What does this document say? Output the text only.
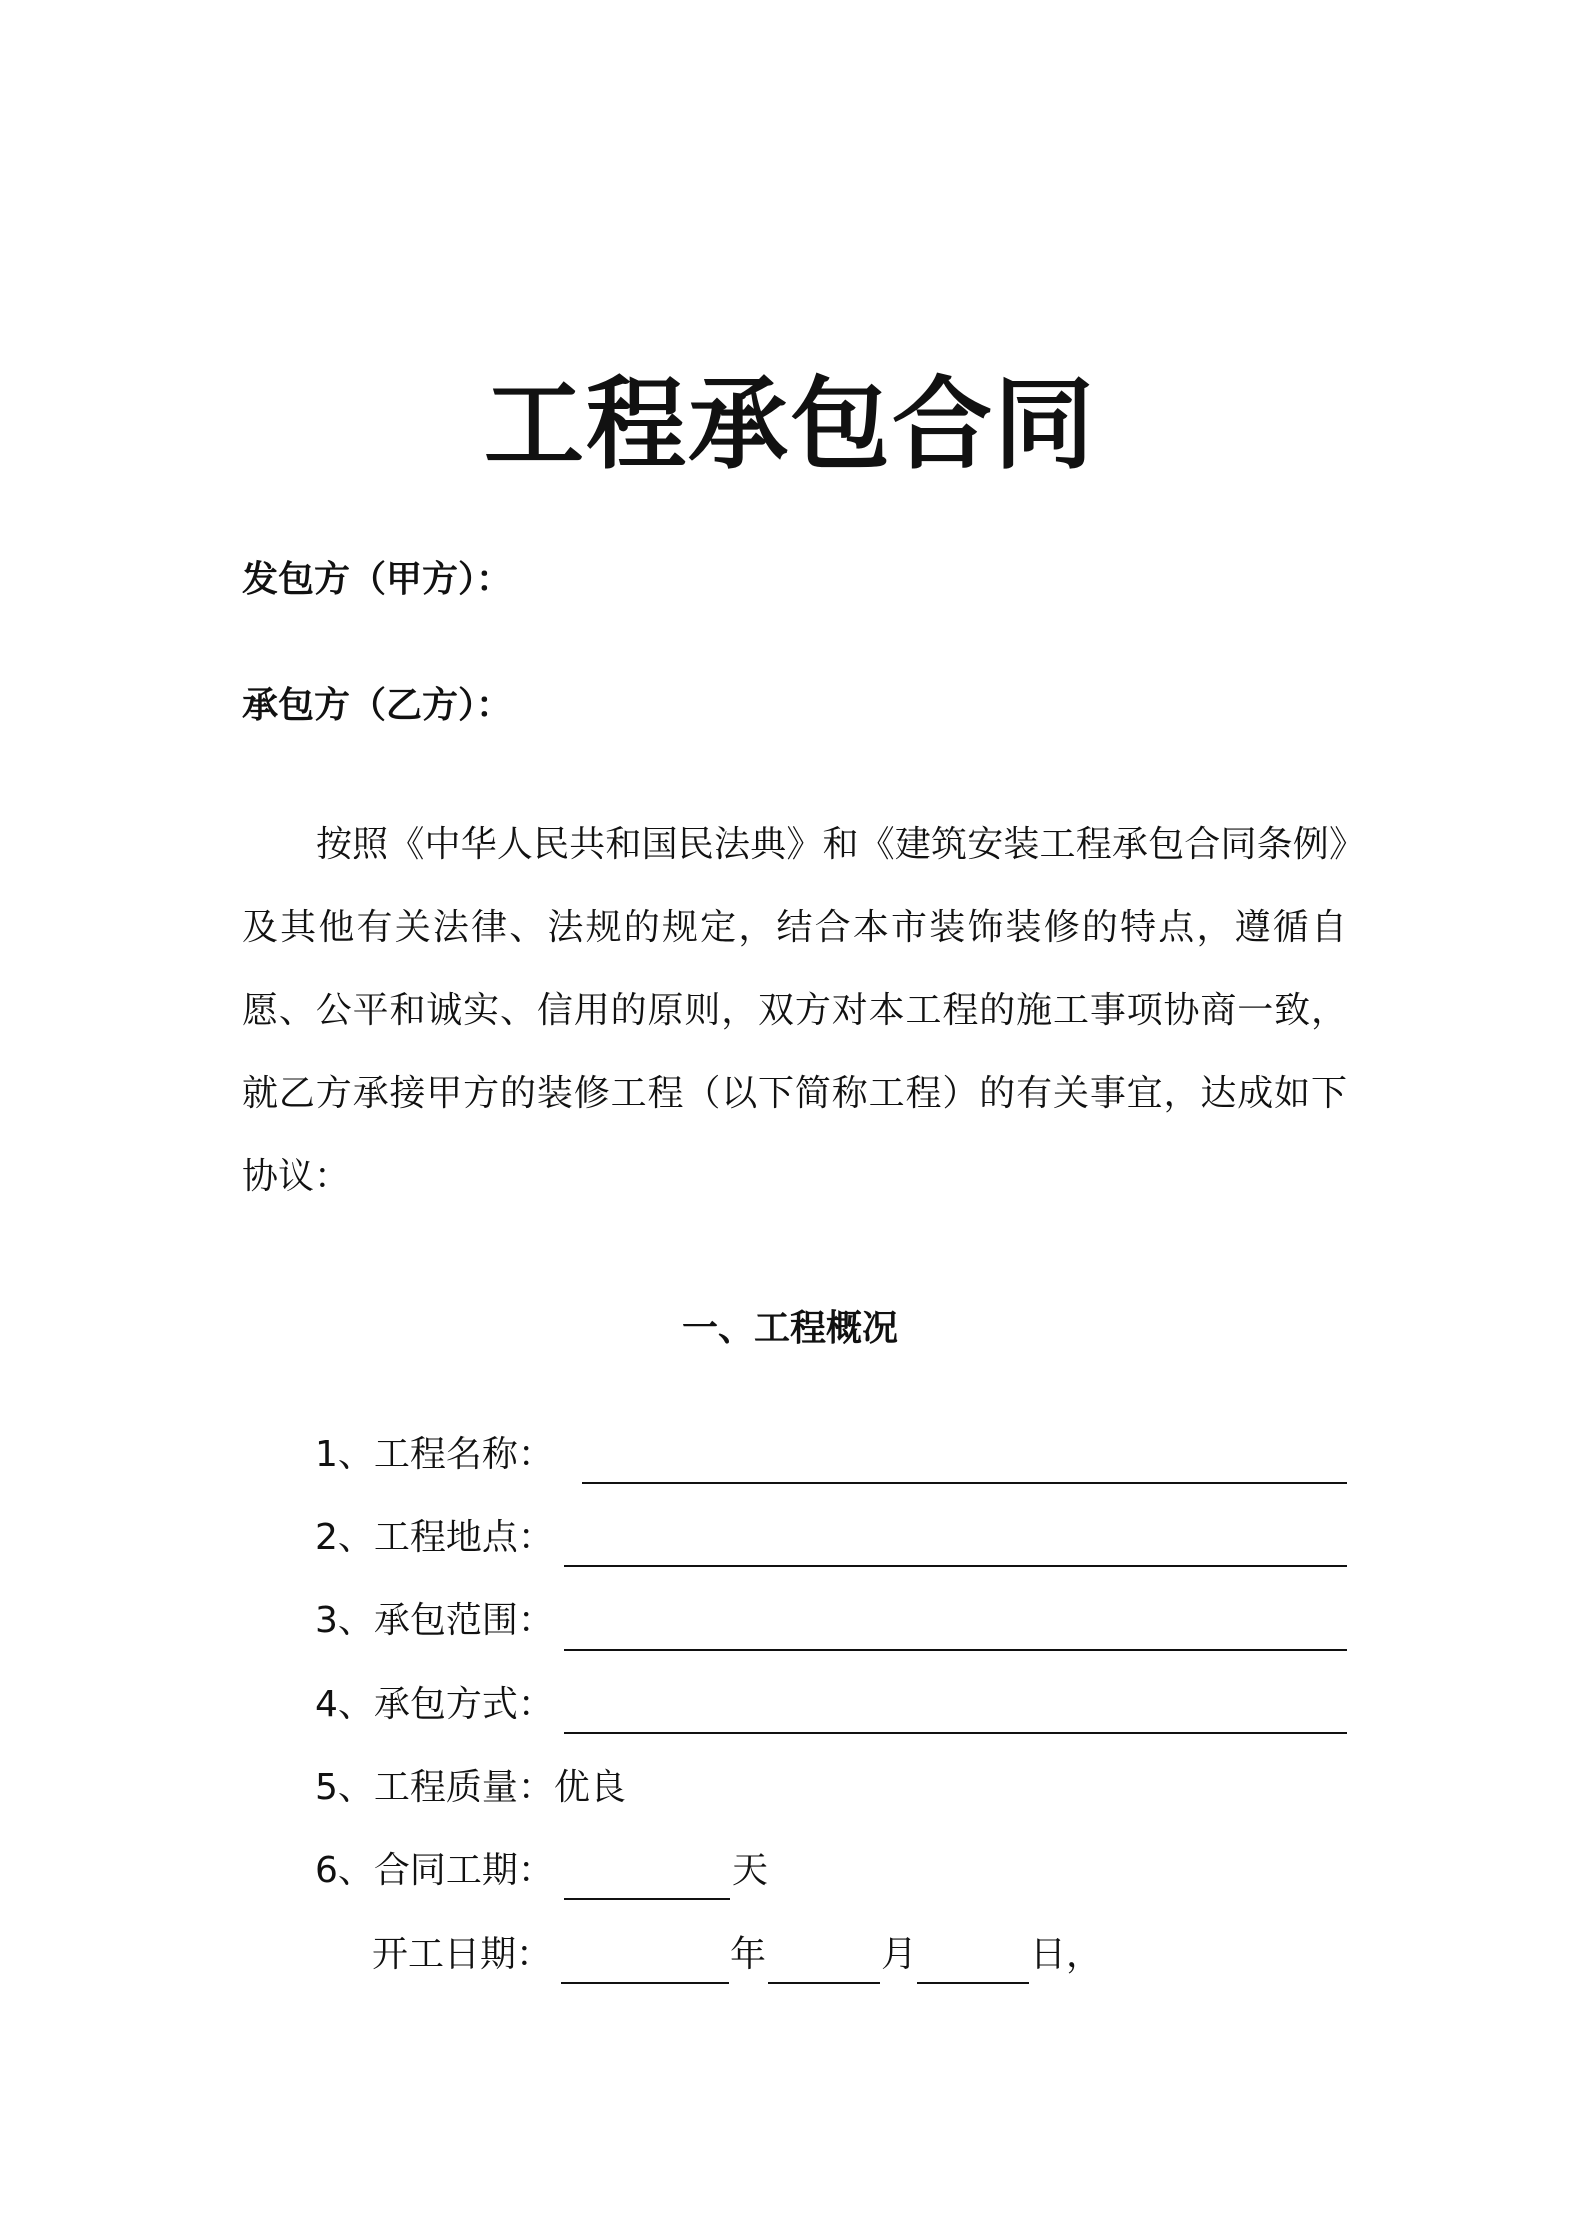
工程承包合同
发包方（甲方）：
承包方（乙方）：

按照《中华人民共和国民法典》和《建筑安装工程承包合同条例》及其他有关法律、法规的规定，结合本市装饰装修的特点，遵循自愿、公平和诚实、信用的原则，双方对本工程的施工事项协商一致，就乙方承接甲方的装修工程（以下简称工程）的有关事宜，达成如下协议：

一、工程概况
1、工程名称：
2、工程地点：
3、承包范围：
4、承包方式：
5、工程质量：优良
6、合同工期：	天
开工日期：	年	月	日，
